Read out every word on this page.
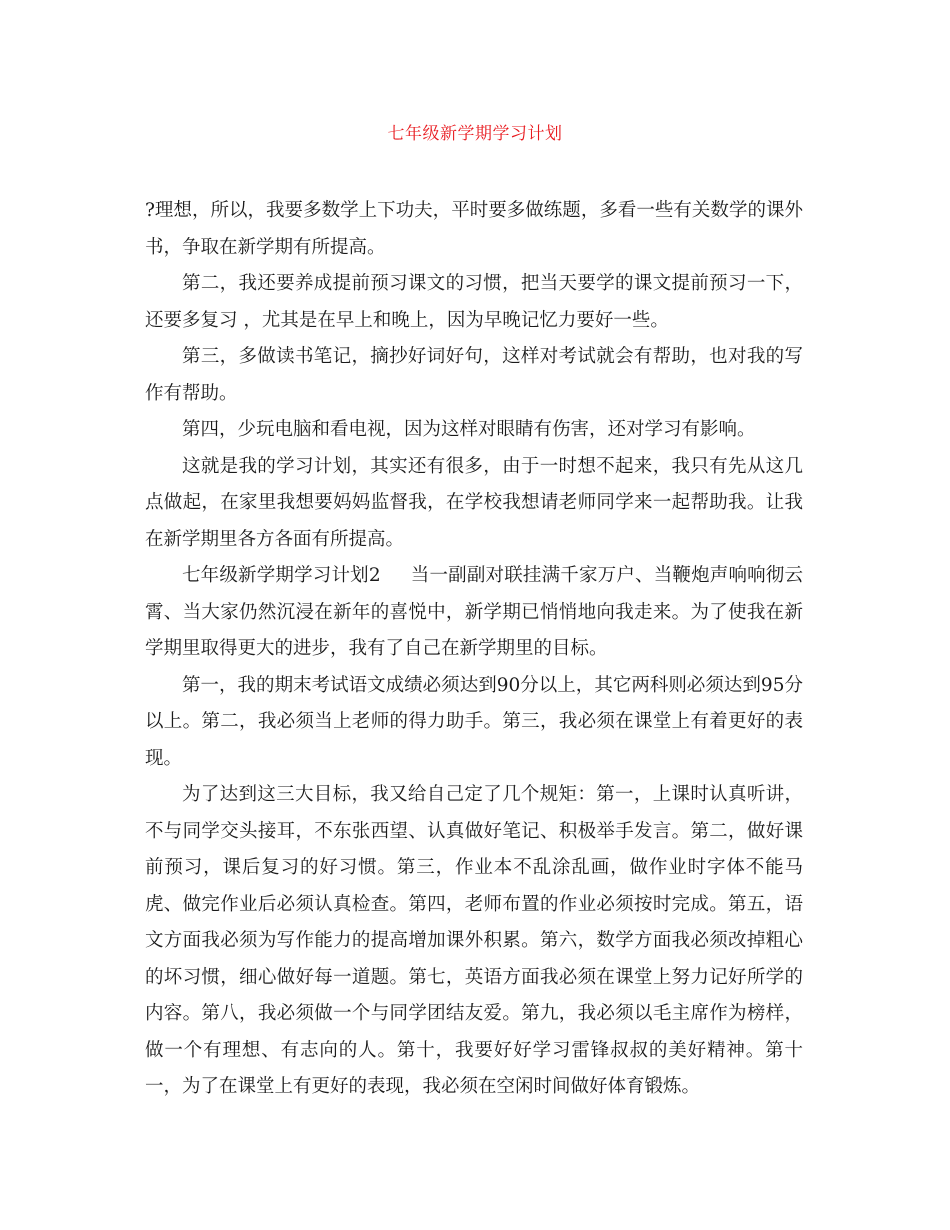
七年级新学期学习计划

?理想，所以，我要多数学上下功夫，平时要多做练题，多看一些有关数学的课外书，争取在新学期有所提高。

第二，我还要养成提前预习课文的习惯，把当天要学的课文提前预习一下，还要多复习 ，尤其是在早上和晚上，因为早晚记忆力要好一些。

第三，多做读书笔记，摘抄好词好句，这样对考试就会有帮助，也对我的写作有帮助。

第四，少玩电脑和看电视，因为这样对眼睛有伤害，还对学习有影响。

这就是我的学习计划，其实还有很多，由于一时想不起来，我只有先从这几点做起，在家里我想要妈妈监督我，在学校我想请老师同学来一起帮助我。让我在新学期里各方各面有所提高。

七年级新学期学习计划2 当一副副对联挂满千家万户、当鞭炮声响响彻云霄、当大家仍然沉浸在新年的喜悦中，新学期已悄悄地向我走来。为了使我在新学期里取得更大的进步，我有了自己在新学期里的目标。

第一，我的期末考试语文成绩必须达到90分以上，其它两科则必须达到95分以上。第二，我必须当上老师的得力助手。第三，我必须在课堂上有着更好的表现。

为了达到这三大目标，我又给自己定了几个规矩：第一，上课时认真听讲，不与同学交头接耳，不东张西望、认真做好笔记、积极举手发言。第二，做好课前预习，课后复习的好习惯。第三，作业本不乱涂乱画，做作业时字体不能马虎、做完作业后必须认真检查。第四，老师布置的作业必须按时完成。第五，语文方面我必须为写作能力的提高增加课外积累。第六，数学方面我必须改掉粗心的坏习惯，细心做好每一道题。第七，英语方面我必须在课堂上努力记好所学的内容。第八，我必须做一个与同学团结友爱。第九，我必须以毛主席作为榜样，做一个有理想、有志向的人。第十，我要好好学习雷锋叔叔的美好精神。第十一，为了在课堂上有更好的表现，我必须在空闲时间做好体育锻炼。
